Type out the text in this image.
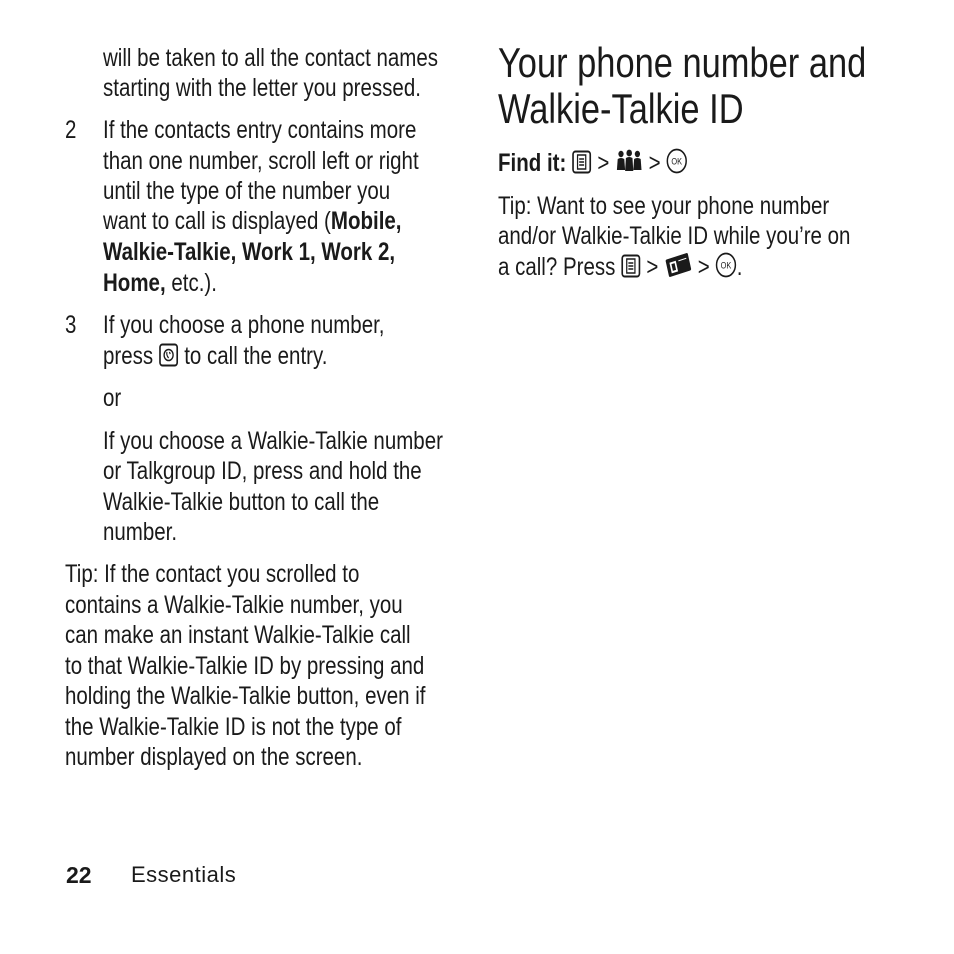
will be taken to all the contact names
starting with the letter you pressed.
2 If the contacts entry contains more
than one number, scroll left or right
until the type of the number you
want to call is displayed (Mobile,
Walkie-Talkie, Work 1, Work 2,
Home, etc.).
3 If you choose a phone number,
press  to call the entry.
or
If you choose a Walkie-Talkie number
or Talkgroup ID, press and hold the
Walkie-Talkie button to call the
number.
Tip: If the contact you scrolled to
contains a Walkie-Talkie number, you
can make an instant Walkie-Talkie call
to that Walkie-Talkie ID by pressing and
holding the Walkie-Talkie button, even if
the Walkie-Talkie ID is not the type of
number displayed on the screen.
Your phone number and
Walkie-Talkie ID
Find it: > > OK
Tip: Want to see your phone number
and/or Walkie-Talkie ID while you’re on
a call? Press  > > OK .
22 Essentials
